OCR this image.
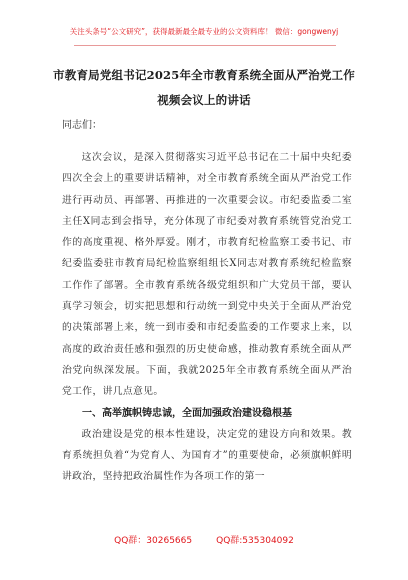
关注头条号“公文研究”，获得最新最全最专业的公文资料库！ 微信：gongwenyj
市教育局党组书记2025年全市教育系统全面从严治党工作
视频会议上的讲话

同志们：

这次会议，是深入贯彻落实习近平总书记在二十届中央纪委四次全会上的重要讲话精神，对全市教育系统全面从严治党工作进行再动员、再部署、再推进的一次重要会议。市纪委监委二室主任X同志到会指导，充分体现了市纪委对教育系统管党治党工作的高度重视、格外厚爱。刚才，市教育纪检监察工委书记、市纪委监委驻市教育局纪检监察组组长X同志对教育系统纪检监察工作作了部署。全市教育系统各级党组织和广大党员干部，要认真学习领会，切实把思想和行动统一到党中央关于全面从严治党的决策部署上来，统一到市委和市纪委监委的工作要求上来，以高度的政治责任感和强烈的历史使命感，推动教育系统全面从严治党向纵深发展。下面，我就2025年全市教育系统全面从严治党工作，讲几点意见。

一、高举旗帜铸忠诚，全面加强政治建设稳根基

政治建设是党的根本性建设，决定党的建设方向和效果。教育系统担负着“为党育人、为国育才”的重要使命，必须旗帜鲜明讲政治，坚持把政治属性作为各项工作的第一

QQ群：30265665	QQ群:535304092
